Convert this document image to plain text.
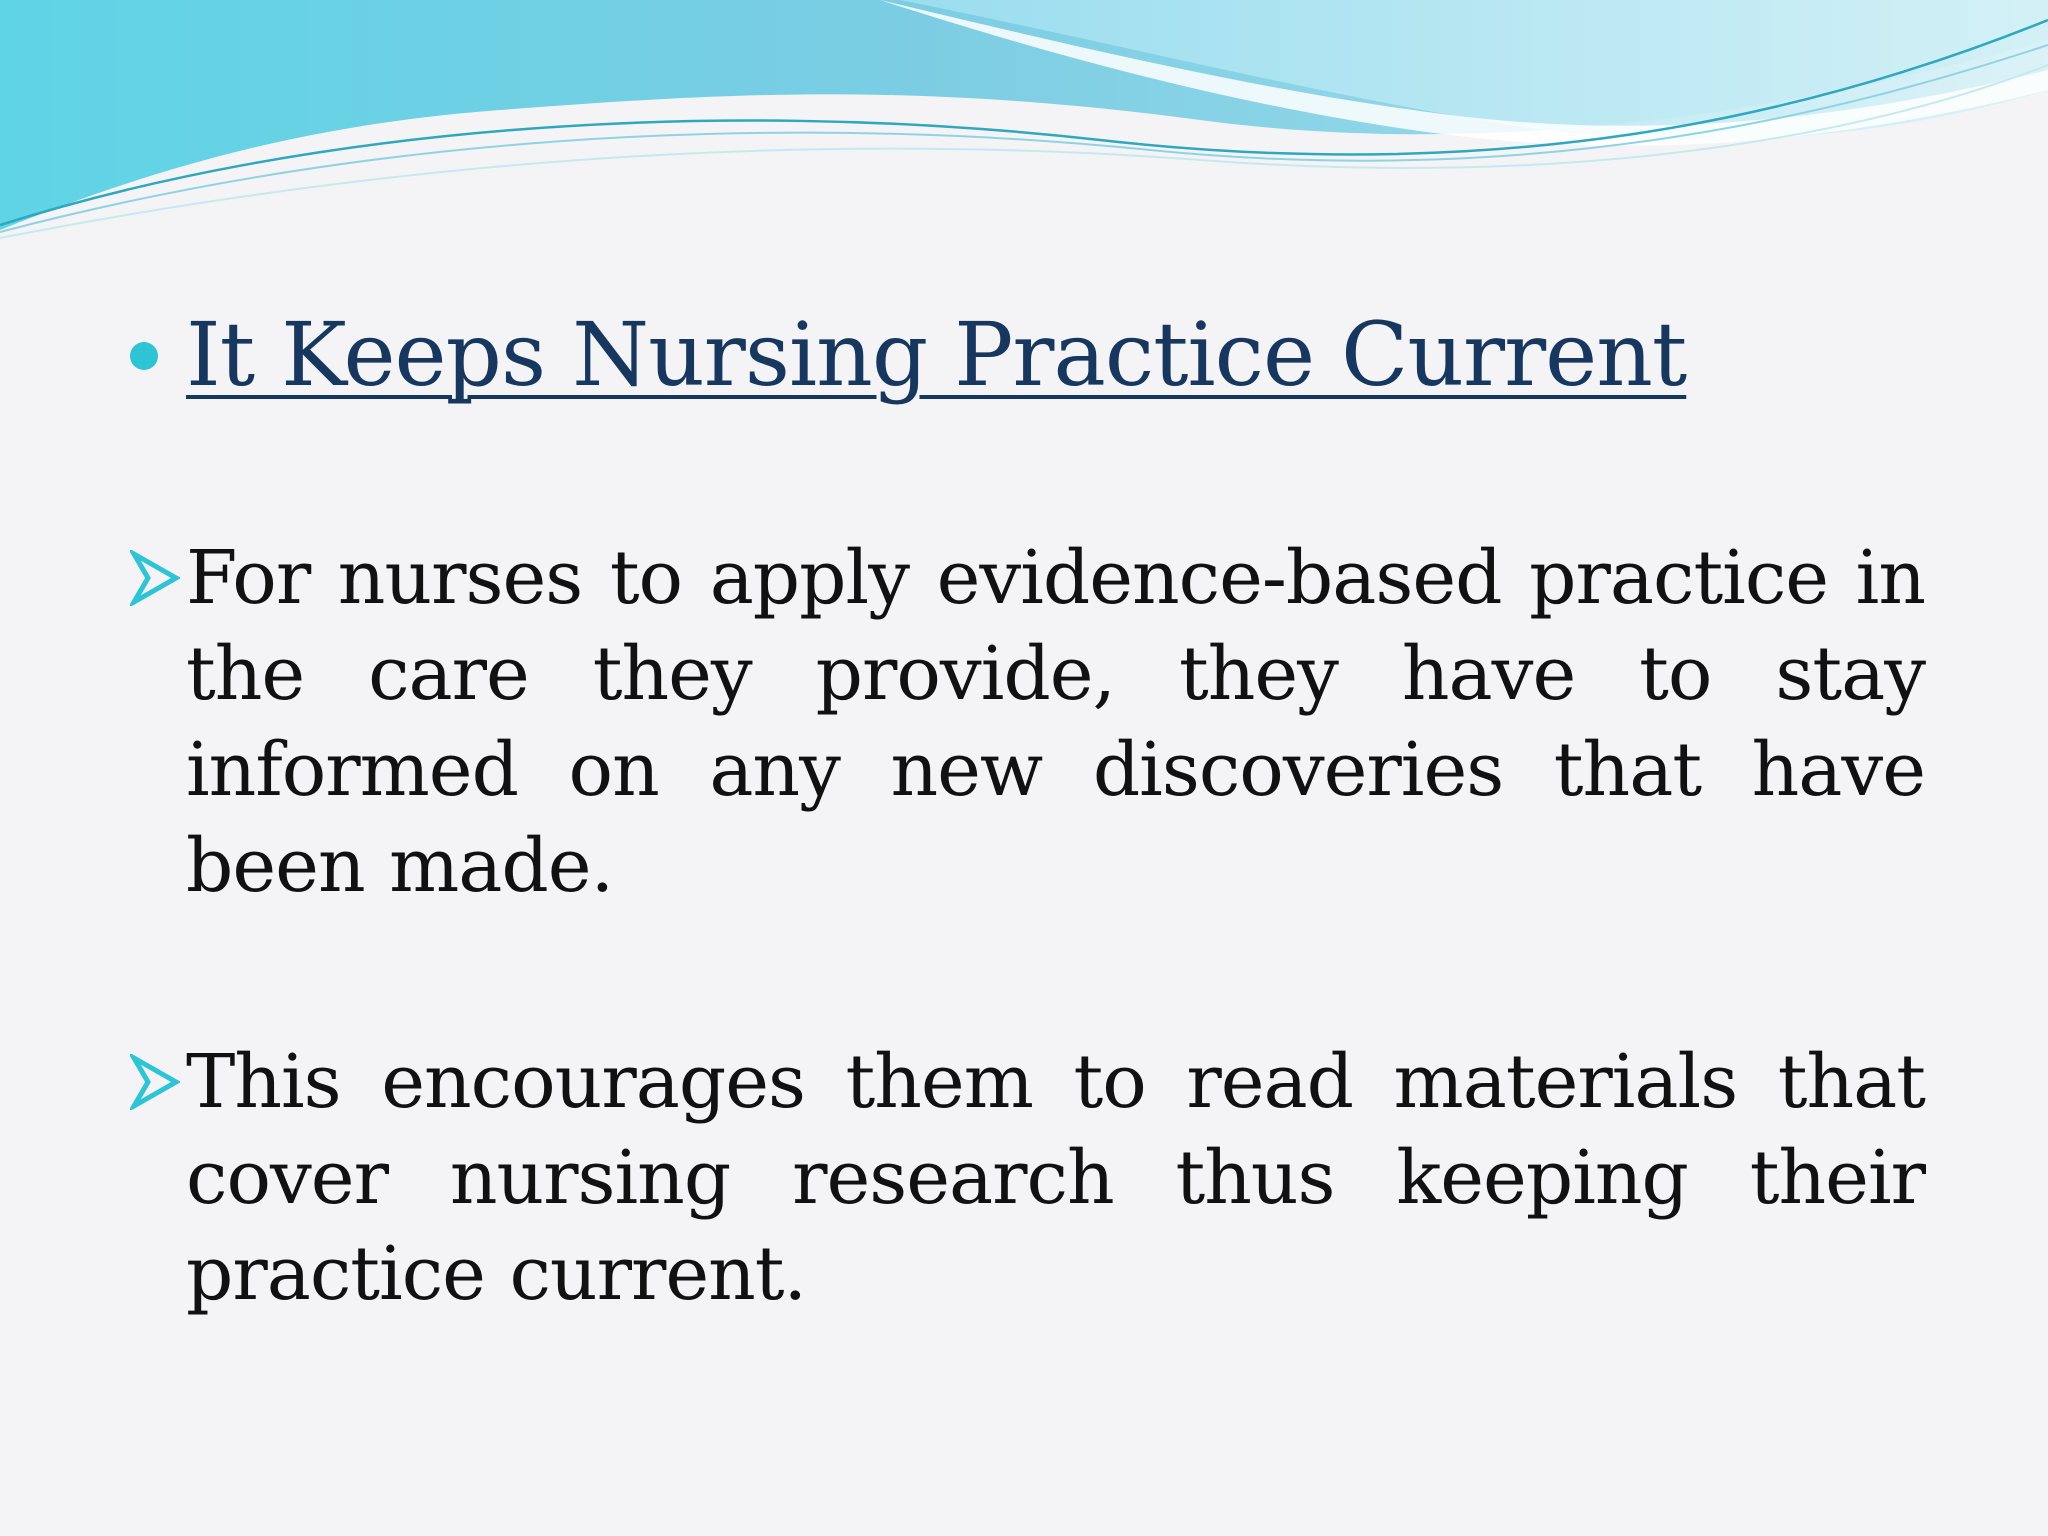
It Keeps Nursing Practice Current
For nurses to apply evidence-based practice in the care they provide, they have to stay informed on any new discoveries that have been made.
This encourages them to read materials that cover nursing research thus keeping their practice current.
